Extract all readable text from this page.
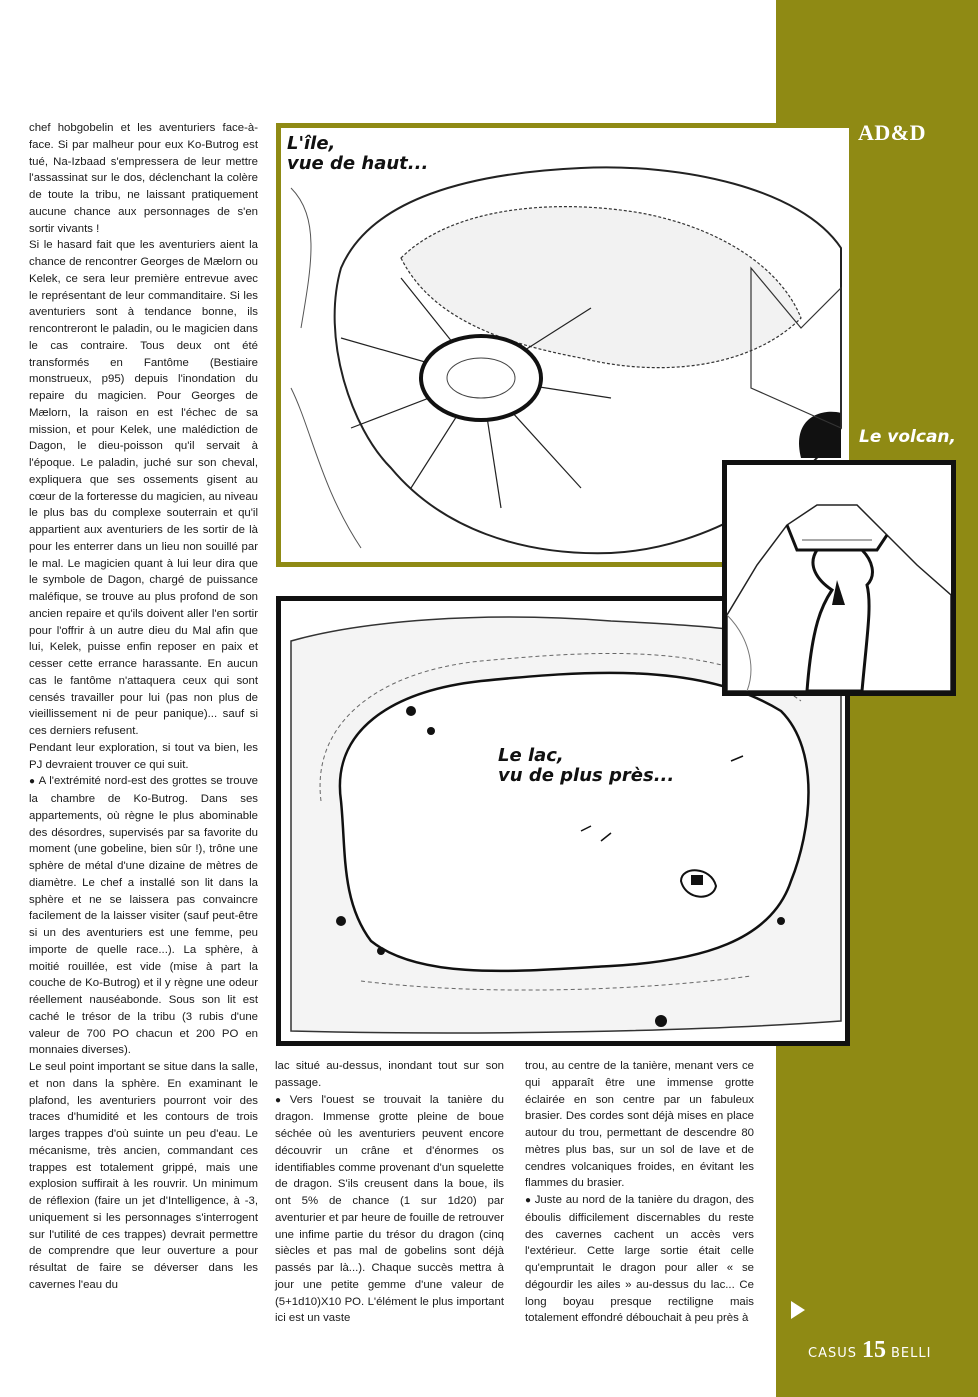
AD&D

chef hobgobelin et les aventuriers face-à-face. Si par malheur pour eux Ko-Butrog est tué, Na-Izbaad s'empressera de leur mettre l'assassinat sur le dos, déclenchant la colère de toute la tribu, ne laissant pratiquement aucune chance aux personnages de s'en sortir vivants !

Si le hasard fait que les aventuriers aient la chance de rencontrer Georges de Mælorn ou Kelek, ce sera leur première entrevue avec le représentant de leur commanditaire. Si les aventuriers sont à tendance bonne, ils rencontreront le paladin, ou le magicien dans le cas contraire. Tous deux ont été transformés en Fantôme (Bestiaire monstrueux, p95) depuis l'inondation du repaire du magicien. Pour Georges de Mælorn, la raison en est l'échec de sa mission, et pour Kelek, une malédiction de Dagon, le dieu-poisson qu'il servait à l'époque. Le paladin, juché sur son cheval, expliquera que ses ossements gisent au cœur de la forteresse du magicien, au niveau le plus bas du complexe souterrain et qu'il appartient aux aventuriers de les sortir de là pour les enterrer dans un lieu non souillé par le mal. Le magicien quant à lui leur dira que le symbole de Dagon, chargé de puissance maléfique, se trouve au plus profond de son ancien repaire et qu'ils doivent aller l'en sortir pour l'offrir à un autre dieu du Mal afin que lui, Kelek, puisse enfin reposer en paix et cesser cette errance harassante. En aucun cas le fantôme n'attaquera ceux qui sont censés travailler pour lui (pas non plus de vieillissement ni de peur panique)... sauf si ces derniers refusent.

Pendant leur exploration, si tout va bien, les PJ devraient trouver ce qui suit.

● A l'extrémité nord-est des grottes se trouve la chambre de Ko-Butrog. Dans ses appartements, où règne le plus abominable des désordres, supervisés par sa favorite du moment (une gobeline, bien sûr !), trône une sphère de métal d'une dizaine de mètres de diamètre. Le chef a installé son lit dans la sphère et ne se laissera pas convaincre facilement de la laisser visiter (sauf peut-être si un des aventuriers est une femme, peu importe de quelle race...). La sphère, à moitié rouillée, est vide (mise à part la couche de Ko-Butrog) et il y règne une odeur réellement nauséabonde. Sous son lit est caché le trésor de la tribu (3 rubis d'une valeur de 700 PO chacun et 200 PO en monnaies diverses).

Le seul point important se situe dans la salle, et non dans la sphère. En examinant le plafond, les aventuriers pourront voir des traces d'humidité et les contours de trois larges trappes d'où suinte un peu d'eau. Le mécanisme, très ancien, commandant ces trappes est totalement grippé, mais une explosion suffirait à les rouvrir. Un minimum de réflexion (faire un jet d'Intelligence, à -3, uniquement si les personnages s'interrogent sur l'utilité de ces trappes) devrait permettre de comprendre que leur ouverture a pour résultat de faire se déverser dans les cavernes l'eau du

lac situé au-dessus, inondant tout sur son passage.

● Vers l'ouest se trouvait la tanière du dragon. Immense grotte pleine de boue séchée où les aventuriers peuvent encore découvrir un crâne et d'énormes os identifiables comme provenant d'un squelette de dragon. S'ils creusent dans la boue, ils ont 5% de chance (1 sur 1d20) par aventurier et par heure de fouille de retrouver une infime partie du trésor du dragon (cinq siècles et pas mal de gobelins sont déjà passés par là...). Chaque succès mettra à jour une petite gemme d'une valeur de (5+1d10)X10 PO. L'élément le plus important ici est un vaste

trou, au centre de la tanière, menant vers ce qui apparaît être une immense grotte éclairée en son centre par un fabuleux brasier. Des cordes sont déjà mises en place autour du trou, permettant de descendre 80 mètres plus bas, sur un sol de lave et de cendres volcaniques froides, en évitant les flammes du brasier.

● Juste au nord de la tanière du dragon, des éboulis difficilement discernables du reste des cavernes cachent un accès vers l'extérieur. Cette large sortie était celle qu'empruntait le dragon pour aller « se dégourdir les ailes » au-dessus du lac... Ce long boyau presque rectiligne mais totalement effondré débouchait à peu près à

L'île,
vue de haut...
Le lac,
vu de plus près...
Le volcan,
vue en
coupe...
CASUS 15 BELLI
